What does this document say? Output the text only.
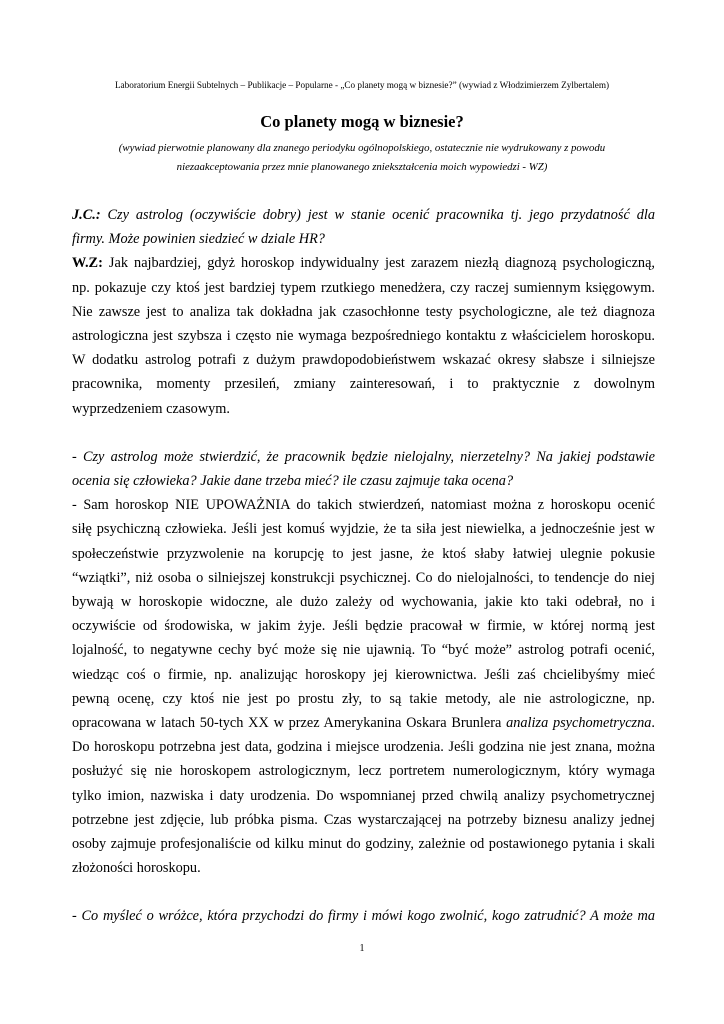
Laboratorium Energii Subtelnych – Publikacje – Popularne - „Co planety mogą w biznesie?” (wywiad z Włodzimierzem Zylbertalem)
Co planety mogą w biznesie?
(wywiad pierwotnie planowany dla znanego periodyku ogólnopolskiego, ostatecznie nie wydrukowany z powodu
niezaakceptowania przez mnie planowanego zniekształcenia moich wypowiedzi - WZ)
J.C.: Czy astrolog (oczywiście dobry) jest w stanie ocenić pracownika tj. jego przydatność dla
firmy. Może powinien siedzieć w dziale HR?
W.Z: Jak najbardziej, gdyż horoskop indywidualny jest zarazem niezłą diagnozą psychologiczną,
np. pokazuje czy ktoś jest bardziej typem rzutkiego menedżera, czy raczej sumiennym księgowym.
Nie zawsze jest to analiza tak dokładna jak czasochłonne testy psychologiczne, ale też diagnoza
astrologiczna jest szybsza i często nie wymaga bezpośredniego kontaktu z właścicielem horoskopu.
W dodatku astrolog potrafi z dużym prawdopodobieństwem wskazać okresy słabsze i silniejsze
pracownika, momenty przesileń, zmiany zainteresowań, i to praktycznie z dowolnym
wyprzedzeniem czasowym.
- Czy astrolog może stwierdzić, że pracownik będzie nielojalny, nierzetelny? Na jakiej podstawie
ocenia się człowieka? Jakie dane trzeba mieć? ile czasu zajmuje taka ocena?
- Sam horoskop NIE UPOWAŻNIA do takich stwierdzeń, natomiast można z horoskopu ocenić
siłę psychiczną człowieka. Jeśli jest komuś wyjdzie, że ta siła jest niewielka, a jednocześnie jest w
społeczeństwie przyzwolenie na korupcję to jest jasne, że ktoś słaby łatwiej ulegnie pokusie
“wziątki”, niż osoba o silniejszej konstrukcji psychicznej. Co do nielojalności, to tendencje do niej
bywają w horoskopie widoczne, ale dużo zależy od wychowania, jakie kto taki odebrał, no i
oczywiście od środowiska, w jakim żyje. Jeśli będzie pracował w firmie, w której normą jest
lojalność, to negatywne cechy być może się nie ujawnią. To “być może” astrolog potrafi ocenić,
wiedząc coś o firmie, np. analizując horoskopy jej kierownictwa. Jeśli zaś chcielibyśmy mieć
pewną ocenę, czy ktoś nie jest po prostu zły, to są takie metody, ale nie astrologiczne, np.
opracowana w latach 50-tych XX w przez Amerykanina Oskara Brunlera analiza psychometryczna.
Do horoskopu potrzebna jest data, godzina i miejsce urodzenia. Jeśli godzina nie jest znana, można
posłużyć się nie horoskopem astrologicznym, lecz portretem numerologicznym, który wymaga
tylko imion, nazwiska i daty urodzenia. Do wspomnianej przed chwilą analizy psychometrycznej
potrzebne jest zdjęcie, lub próbka pisma. Czas wystarczającej na potrzeby biznesu analizy jednej
osoby zajmuje profesjonaliście od kilku minut do godziny, zależnie od postawionego pytania i skali
złożoności horoskopu.
- Co myśleć o wróżce, która przychodzi do firmy i mówi kogo zwolnić, kogo zatrudnić? A może ma
1
